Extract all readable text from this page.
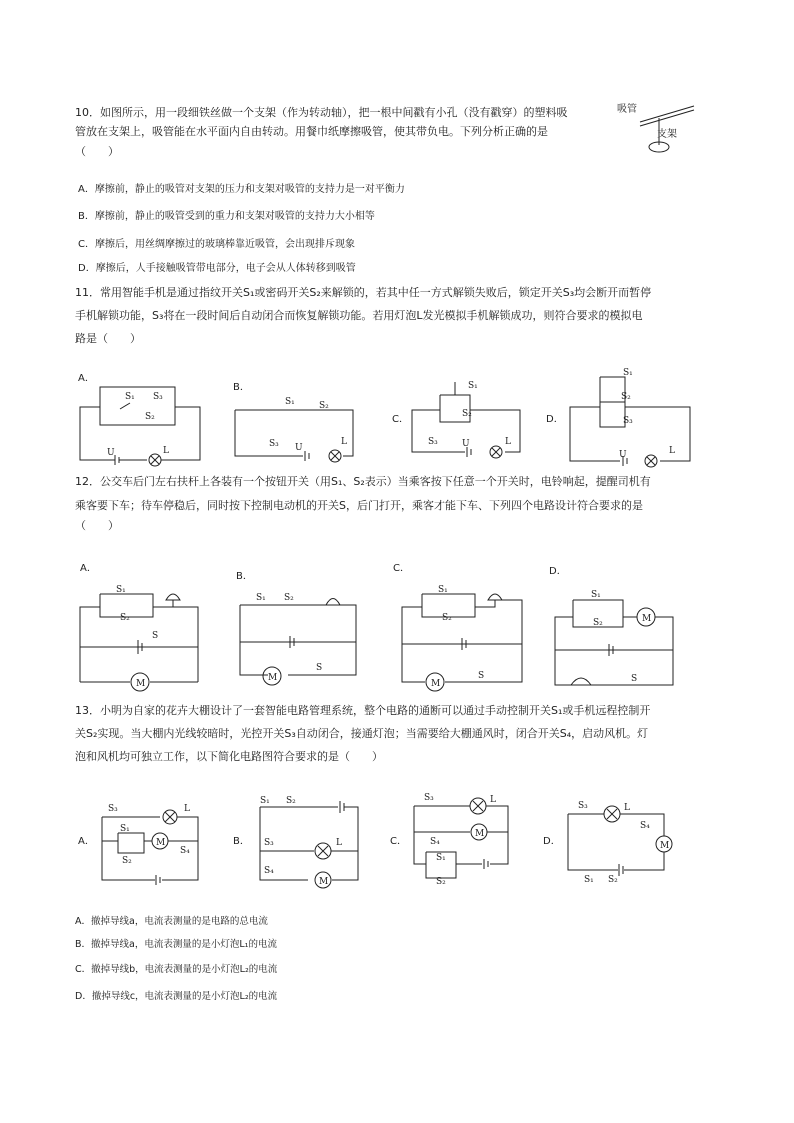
10．如图所示，用一段细铁丝做一个支架（作为转动轴），把一根中间戳有小孔（没有戳穿）的塑料吸
管放在支架上，吸管能在水平面内自由转动。用餐巾纸摩擦吸管，使其带负电。下列分析正确的是
（　　）
吸管
支架
A．摩擦前，静止的吸管对支架的压力和支架对吸管的支持力是一对平衡力
B．摩擦前，静止的吸管受到的重力和支架对吸管的支持力大小相等
C．摩擦后，用丝绸摩擦过的玻璃棒靠近吸管，会出现排斥现象
D．摩擦后，人手接触吸管带电部分，电子会从人体转移到吸管
11．常用智能手机是通过指纹开关S₁或密码开关S₂来解锁的，若其中任一方式解锁失败后，锁定开关S₃均会断开而暂停
手机解锁功能，S₃将在一段时间后自动闭合而恢复解锁功能。若用灯泡L发光模拟手机解锁成功，则符合要求的模拟电
路是（　　）
A．
S₁ S₃
S₂
U	L
B．
S₁	S₂
S₃ U
L
C．
S₁
S₂
S₃	U	L
D．
S₁
S₂
S₃
U	L
12．公交车后门左右扶杆上各装有一个按钮开关（用S₁、S₂表示）当乘客按下任意一个开关时，电铃响起，提醒司机有
乘客要下车；待车停稳后，同时按下控制电动机的开关S，后门打开，乘客才能下车、下列四个电路设计符合要求的是
（　　）
A．
M
S₁
S₂
S
B．
M
S₁ S₂
S
C．
M
S₁
S₂
S
D．
M
S₁
S₂
S
13．小明为自家的花卉大棚设计了一套智能电路管理系统，整个电路的通断可以通过手动控制开关S₁或手机远程控制开
关S₂实现。当大棚内光线较暗时，光控开关S₃自动闭合，接通灯泡；当需要给大棚通风时，闭合开关S₄，启动风机。灯
泡和风机均可独立工作，以下简化电路图符合要求的是（　　）
A．	M
S₃	L
S₁
S₂
S₄
B．
M
S₁ S₂
S₃	L
S₄
C．
M
S₃	L
S₄
S₁
S₂
D．	M
S₃	L
S₄
S₁ S₂
A．撤掉导线a，电流表测量的是电路的总电流
B．撤掉导线a，电流表测量的是小灯泡L₁的电流
C．撤掉导线b，电流表测量的是小灯泡L₂的电流
D．撤掉导线c，电流表测量的是小灯泡L₂的电流
